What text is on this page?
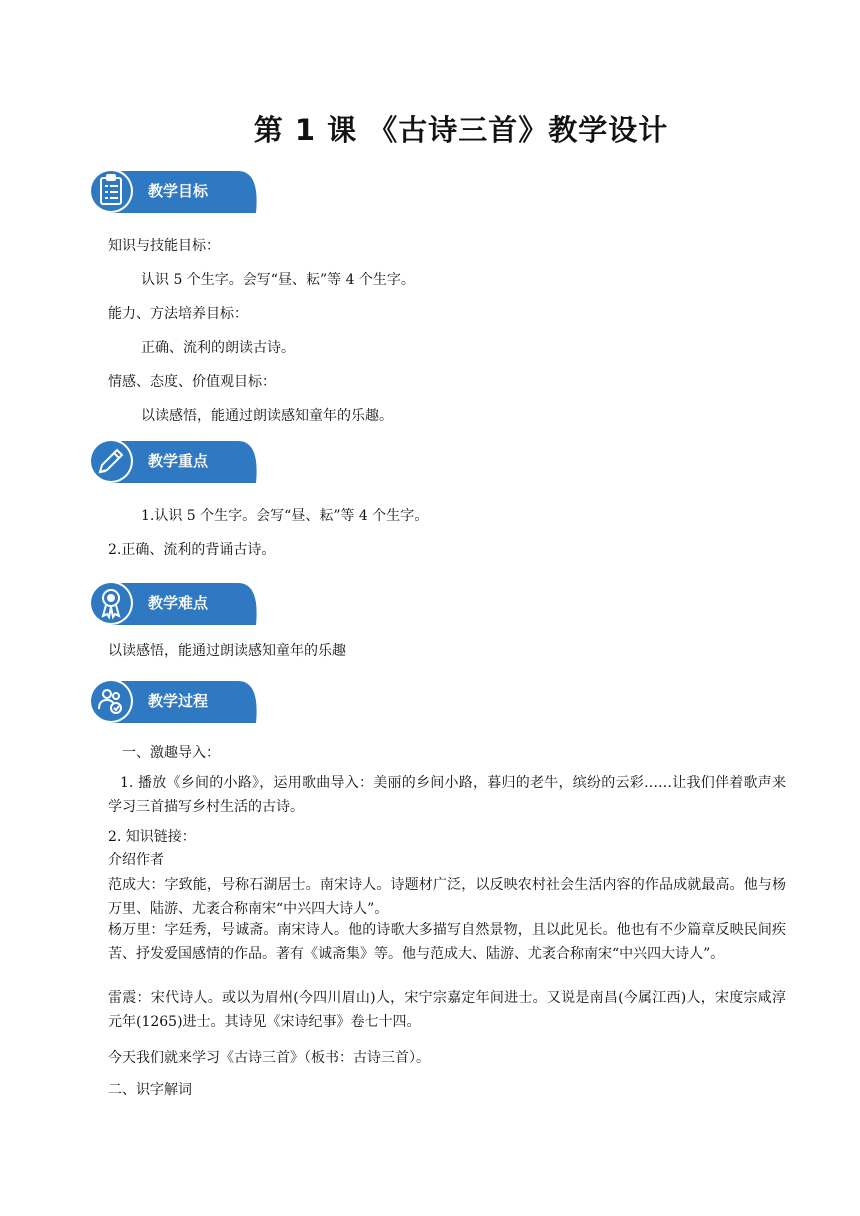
第 1 课 《古诗三首》教学设计
教学目标
知识与技能目标：
认识 5 个生字。会写“昼、耘”等 4 个生字。
能力、方法培养目标：
正确、流利的朗读古诗。
情感、态度、价值观目标：
以读感悟，能通过朗读感知童年的乐趣。
教学重点
1.认识 5 个生字。会写“昼、耘”等 4 个生字。
2.正确、流利的背诵古诗。
教学难点
以读感悟，能通过朗读感知童年的乐趣
教学过程
一、激趣导入：
1. 播放《乡间的小路》，运用歌曲导入：美丽的乡间小路，暮归的老牛，缤纷的云彩……让我们伴着歌声来学习三首描写乡村生活的古诗。
2. 知识链接：
介绍作者
范成大：字致能，号称石湖居士。南宋诗人。诗题材广泛，以反映农村社会生活内容的作品成就最高。他与杨万里、陆游、尤袤合称南宋“中兴四大诗人”。
杨万里：字廷秀，号诚斋。南宋诗人。他的诗歌大多描写自然景物，且以此见长。他也有不少篇章反映民间疾苦、抒发爱国感情的作品。著有《诚斋集》等。他与范成大、陆游、尤袤合称南宋“中兴四大诗人”。
雷震：宋代诗人。或以为眉州(今四川眉山)人，宋宁宗嘉定年间进士。又说是南昌(今属江西)人，宋度宗咸淳元年(1265)进士。其诗见《宋诗纪事》卷七十四。
今天我们就来学习《古诗三首》（板书：古诗三首）。
二、识字解词
